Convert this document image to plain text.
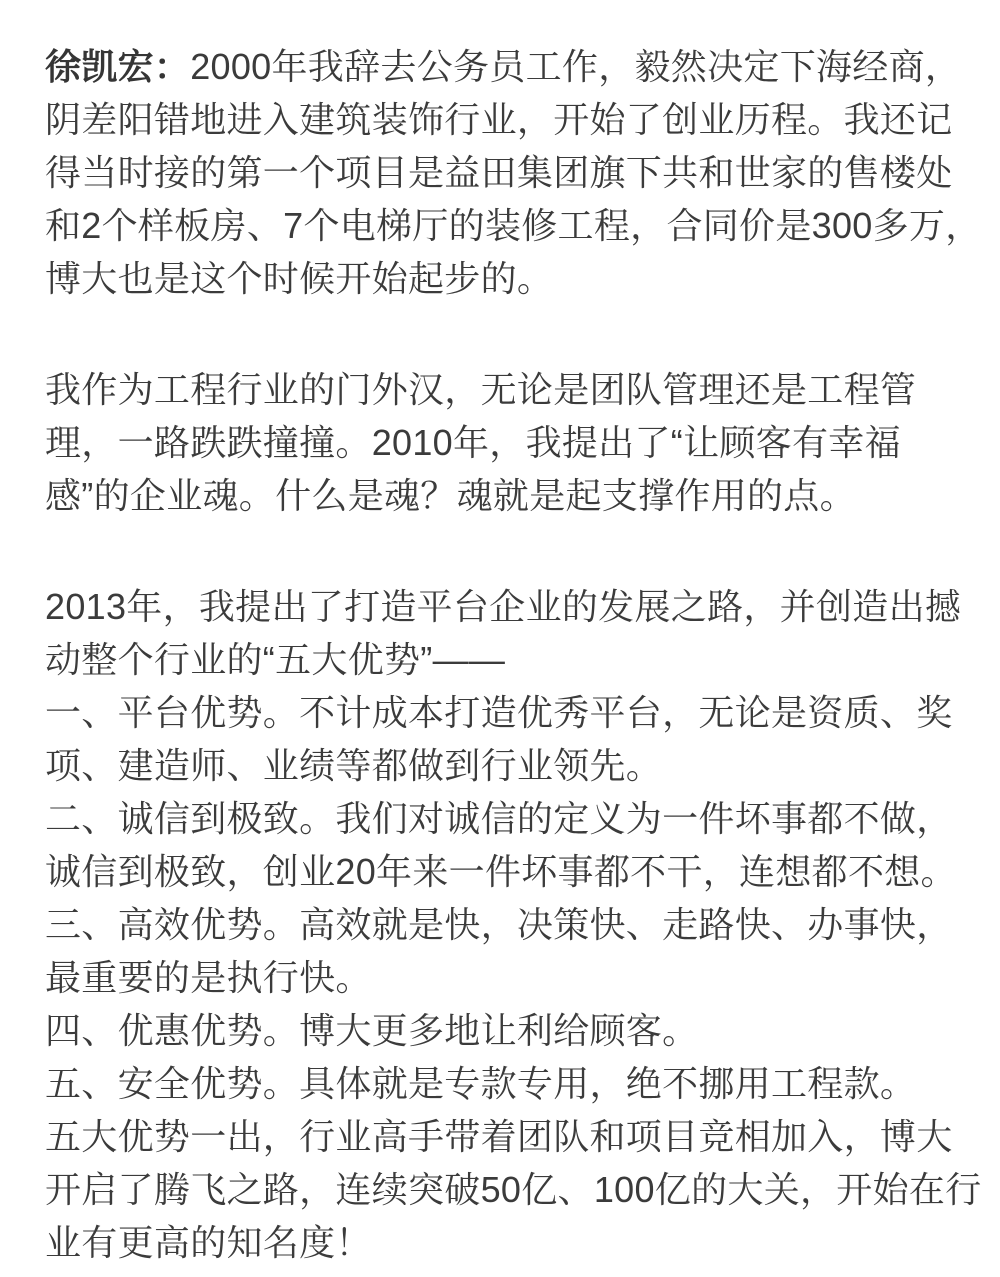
徐凯宏：2000年我辞去公务员工作，毅然决定下海经商，
阴差阳错地进入建筑装饰行业，开始了创业历程。我还记
得当时接的第一个项目是益田集团旗下共和世家的售楼处
和2个样板房、7个电梯厅的装修工程，合同价是300多万，
博大也是这个时候开始起步的。

我作为工程行业的门外汉，无论是团队管理还是工程管
理，一路跌跌撞撞。2010年，我提出了“让顾客有幸福
感”的企业魂。什么是魂？魂就是起支撑作用的点。

2013年，我提出了打造平台企业的发展之路，并创造出撼
动整个行业的“五大优势”——
一、平台优势。不计成本打造优秀平台，无论是资质、奖
项、建造师、业绩等都做到行业领先。
二、诚信到极致。我们对诚信的定义为一件坏事都不做，
诚信到极致，创业20年来一件坏事都不干，连想都不想。
三、高效优势。高效就是快，决策快、走路快、办事快，
最重要的是执行快。
四、优惠优势。博大更多地让利给顾客。
五、安全优势。具体就是专款专用，绝不挪用工程款。
五大优势一出，行业高手带着团队和项目竞相加入，博大
开启了腾飞之路，连续突破50亿、100亿的大关，开始在行
业有更高的知名度！
